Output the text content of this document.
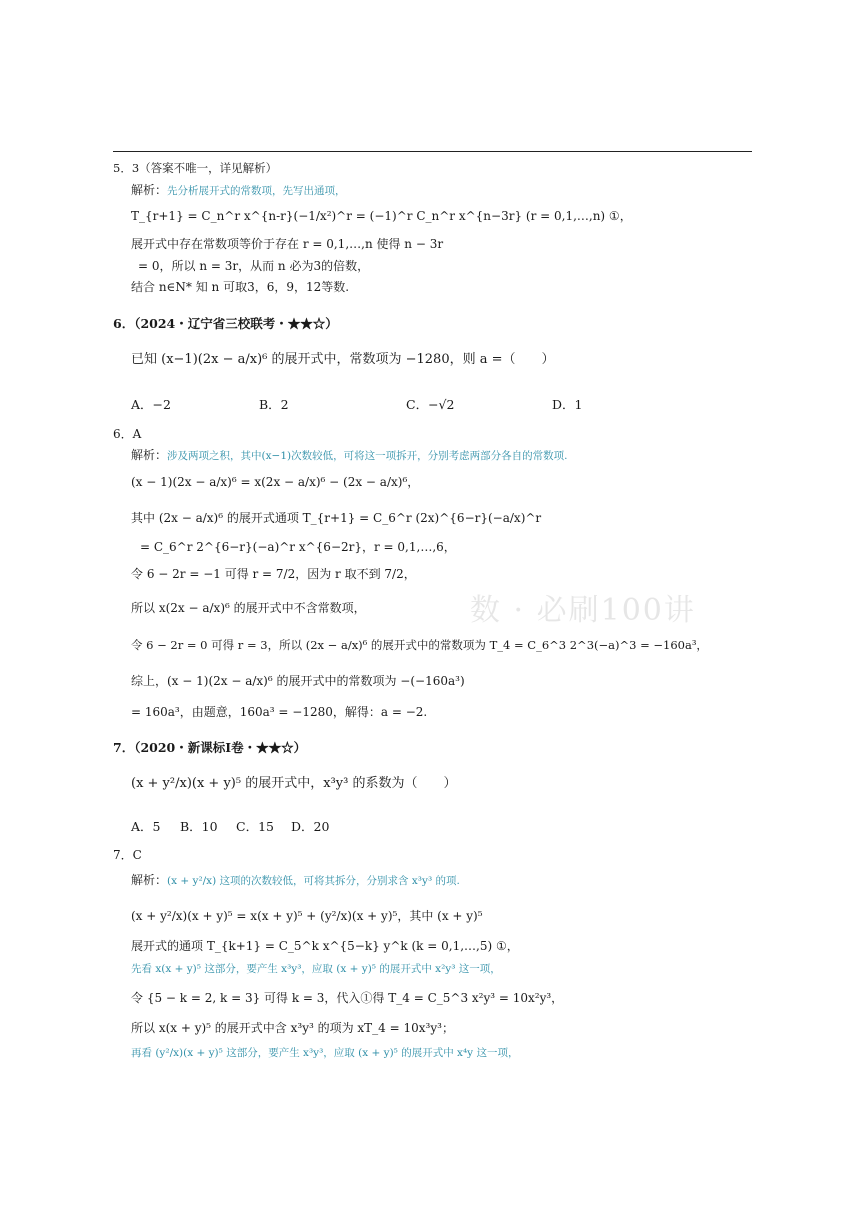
数 · 必刷100讲
5．3（答案不唯一，详见解析）
解析：先分析展开式的常数项，先写出通项，
T_{r+1} = C_n^r x^{n-r}(−1/x²)^r = (−1)^r C_n^r x^{n−3r} (r = 0,1,…,n) ①，
展开式中存在常数项等价于存在 r = 0,1,…,n 使得 n − 3r
= 0，所以 n = 3r，从而 n 必为3的倍数，
结合 n∈N* 知 n 可取3，6，9，12等数.
6．（2024・辽宁省三校联考・★★☆）
已知 (x−1)(2x − a/x)⁶ 的展开式中，常数项为 −1280，则 a =（　　）
A．−2	B．2	C．−√2	D．1
6．A
解析：涉及两项之积，其中(x−1)次数较低，可将这一项拆开，分别考虑两部分各自的常数项.
(x − 1)(2x − a/x)⁶ = x(2x − a/x)⁶ − (2x − a/x)⁶，
其中 (2x − a/x)⁶ 的展开式通项 T_{r+1} = C_6^r (2x)^{6−r}(−a/x)^r
= C_6^r 2^{6−r}(−a)^r x^{6−2r}，r = 0,1,…,6，
令 6 − 2r = −1 可得 r = 7/2，因为 r 取不到 7/2，
所以 x(2x − a/x)⁶ 的展开式中不含常数项，
令 6 − 2r = 0 可得 r = 3，所以 (2x − a/x)⁶ 的展开式中的常数项为 T_4 = C_6^3 2^3(−a)^3 = −160a³，
综上，(x − 1)(2x − a/x)⁶ 的展开式中的常数项为 −(−160a³)
= 160a³，由题意，160a³ = −1280，解得：a = −2.
7．（2020・新课标Ⅰ卷・★★☆）
(x + y²/x)(x + y)⁵ 的展开式中，x³y³ 的系数为（　　）
A．5 B．10 C．15 D．20
7．C
解析：(x + y²/x) 这项的次数较低，可将其拆分，分别求含 x³y³ 的项.
(x + y²/x)(x + y)⁵ = x(x + y)⁵ + (y²/x)(x + y)⁵，其中 (x + y)⁵
展开式的通项 T_{k+1} = C_5^k x^{5−k} y^k (k = 0,1,…,5) ①，
先看 x(x + y)⁵ 这部分，要产生 x³y³，应取 (x + y)⁵ 的展开式中 x²y³ 这一项，
令 {5 − k = 2, k = 3} 可得 k = 3，代入①得 T_4 = C_5^3 x²y³ = 10x²y³，
所以 x(x + y)⁵ 的展开式中含 x³y³ 的项为 xT_4 = 10x³y³；
再看 (y²/x)(x + y)⁵ 这部分，要产生 x³y³，应取 (x + y)⁵ 的展开式中 x⁴y 这一项，
